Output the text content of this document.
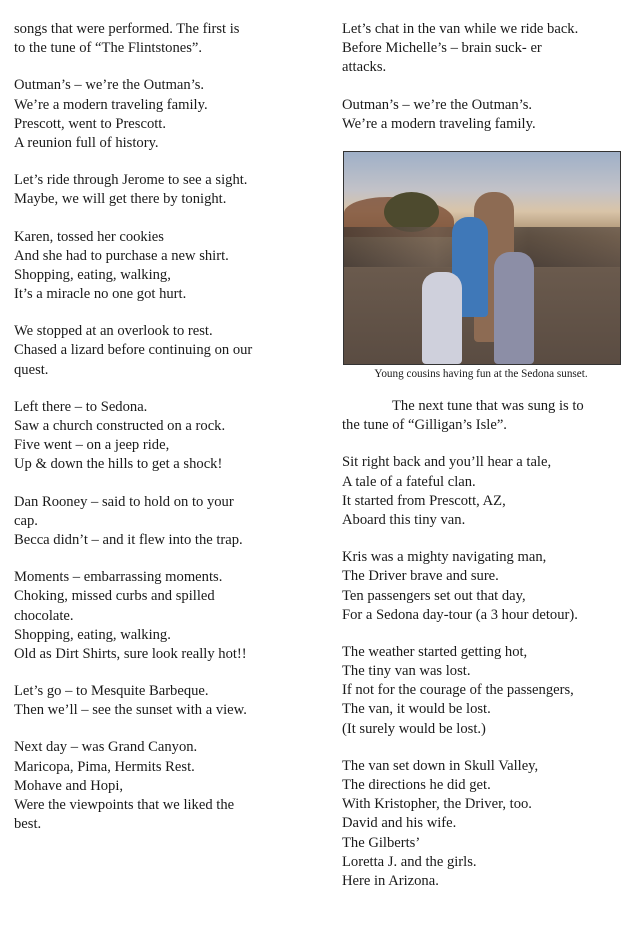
songs that were performed. The first is
to the tune of “The Flintstones”.
Outman’s – we’re the Outman’s.
We’re a modern traveling family.
Prescott, went to Prescott.
A reunion full of history.
Let’s ride through Jerome to see a sight.
Maybe, we will get there by tonight.
Karen, tossed her cookies
And she had to purchase a new shirt.
Shopping, eating, walking,
It’s a miracle no one got hurt.
We stopped at an overlook to rest.
Chased a lizard before continuing on our
quest.
Left there – to Sedona.
Saw a church constructed on a rock.
Five went – on a jeep ride,
Up & down the hills to get a shock!
Dan Rooney – said to hold on to your
cap.
Becca didn’t – and it flew into the trap.
Moments – embarrassing moments.
Choking, missed curbs and spilled
chocolate.
Shopping, eating, walking.
Old as Dirt Shirts, sure look really hot!!
Let’s go – to Mesquite Barbeque.
Then we’ll – see the sunset with a view.
Next day – was Grand Canyon.
Maricopa, Pima, Hermits Rest.
Mohave and Hopi,
Were the viewpoints that we liked the
best.
Let’s chat in the van while we ride back.
Before Michelle’s – brain suck- er
attacks.
Outman’s – we’re the Outman’s.
We’re a modern traveling family.
Young cousins having fun at the Sedona sunset.
The next tune that was sung is to
the tune of “Gilligan’s Isle”.
Sit right back and you’ll hear a tale,
A tale of a fateful clan.
It started from Prescott, AZ,
Aboard this tiny van.
Kris was a mighty navigating man,
The Driver brave and sure.
Ten passengers set out that day,
For a Sedona day-tour (a 3 hour detour).
The weather started getting hot,
The tiny van was lost.
If not for the courage of the passengers,
The van, it would be lost.
(It surely would be lost.)
The van set down in Skull Valley,
The directions he did get.
With Kristopher, the Driver, too.
David and his wife.
The Gilberts’
Loretta J. and the girls.
Here in Arizona.
